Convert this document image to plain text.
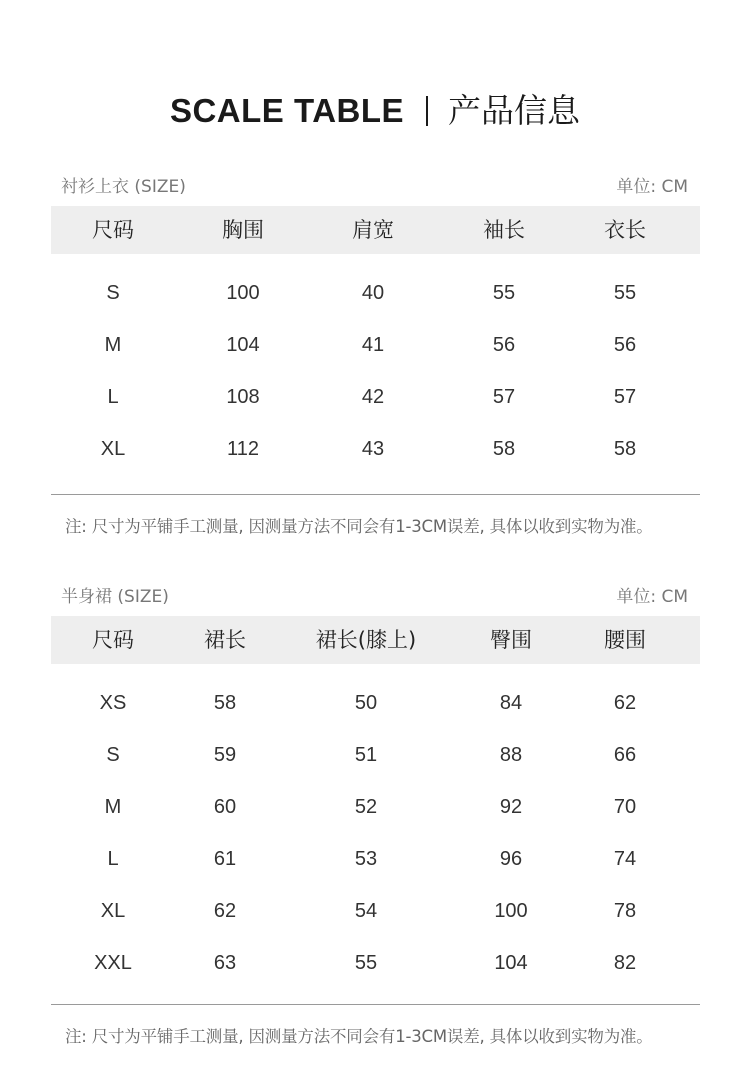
SCALE TABLE 产品信息
衬衫上衣 (SIZE)	单位: CM
尺码	胸围	肩宽	袖长	衣长
S	100	40	55	55
M	104	41	56	56
L	108	42	57	57
XL	112	43	58	58
注: 尺寸为平铺手工测量, 因测量方法不同会有1-3CM误差, 具体以收到实物为准。
半身裙 (SIZE)	单位: CM
尺码	裙长	裙长(膝上)	臀围	腰围
XS	58	50	84	62
S	59	51	88	66
M	60	52	92	70
L	61	53	96	74
XL	62	54	100	78
XXL	63	55	104	82
注: 尺寸为平铺手工测量, 因测量方法不同会有1-3CM误差, 具体以收到实物为准。
